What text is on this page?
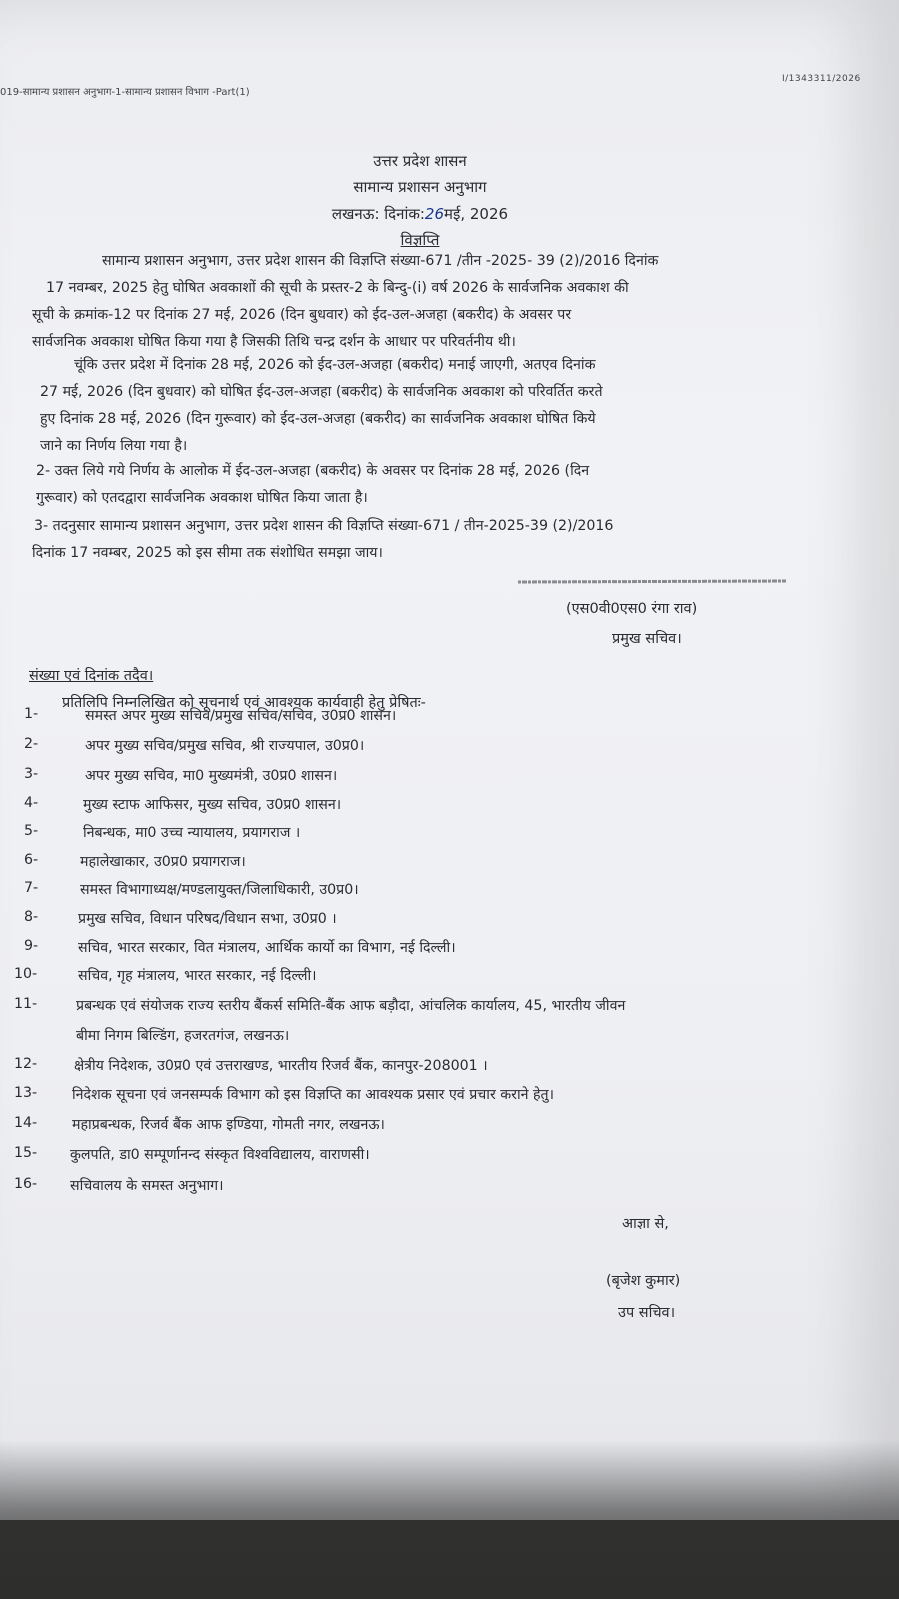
019-सामान्य प्रशासन अनुभाग-1-सामान्य प्रशासन विभाग -Part(1)
I/1343311/2026
उत्तर प्रदेश शासन
सामान्य प्रशासन अनुभाग
लखनऊ: दिनांक:26मई, 2026
विज्ञप्ति
सामान्य प्रशासन अनुभाग, उत्तर प्रदेश शासन की विज्ञप्ति संख्या-671 /तीन -2025- 39 (2)/2016 दिनांक
17 नवम्बर, 2025 हेतु घोषित अवकाशों की सूची के प्रस्तर-2 के बिन्दु-(i) वर्ष 2026 के सार्वजनिक अवकाश की
सूची के क्रमांक-12 पर दिनांक 27 मई, 2026 (दिन बुधवार) को ईद-उल-अजहा (बकरीद) के अवसर पर
सार्वजनिक अवकाश घोषित किया गया है जिसकी तिथि चन्द्र दर्शन के आधार पर परिवर्तनीय थी।
चूंकि उत्तर प्रदेश में दिनांक 28 मई, 2026 को ईद-उल-अजहा (बकरीद) मनाई जाएगी, अतएव दिनांक
27 मई, 2026 (दिन बुधवार) को घोषित ईद-उल-अजहा (बकरीद) के सार्वजनिक अवकाश को परिवर्तित करते
हुए दिनांक 28 मई, 2026 (दिन गुरूवार) को ईद-उल-अजहा (बकरीद) का सार्वजनिक अवकाश घोषित किये
जाने का निर्णय लिया गया है।
2- उक्त लिये गये निर्णय के आलोक में ईद-उल-अजहा (बकरीद) के अवसर पर दिनांक 28 मई, 2026 (दिन
गुरूवार) को एतदद्वारा सार्वजनिक अवकाश घोषित किया जाता है।
3- तदनुसार सामान्य प्रशासन अनुभाग, उत्तर प्रदेश शासन की विज्ञप्ति संख्या-671 / तीन-2025-39 (2)/2016
दिनांक 17 नवम्बर, 2025 को इस सीमा तक संशोधित समझा जाय।
(एस0वी0एस0 रंगा राव)
प्रमुख सचिव।
संख्या एवं दिनांक तदैव।
प्रतिलिपि निम्नलिखित को सूचनार्थ एवं आवश्यक कार्यवाही हेतु प्रेषितः-
1-	समस्त अपर मुख्य सचिव/प्रमुख सचिव/सचिव, उ0प्र0 शासन।
2-	अपर मुख्य सचिव/प्रमुख सचिव, श्री राज्यपाल, उ0प्र0।
3-	अपर मुख्य सचिव, मा0 मुख्यमंत्री, उ0प्र0 शासन।
4-	मुख्य स्टाफ आफिसर, मुख्य सचिव, उ0प्र0 शासन।
5-	निबन्धक, मा0 उच्च न्यायालय, प्रयागराज ।
6-	महालेखाकार, उ0प्र0 प्रयागराज।
7-	समस्त विभागाध्यक्ष/मण्डलायुक्त/जिलाधिकारी, उ0प्र0।
8-	प्रमुख सचिव, विधान परिषद/विधान सभा, उ0प्र0 ।
9-	सचिव, भारत सरकार, वित मंत्रालय, आर्थिक कार्यो का विभाग, नई दिल्ली।
10-	सचिव, गृह मंत्रालय, भारत सरकार, नई दिल्ली।
11-	प्रबन्धक एवं संयोजक राज्य स्तरीय बैंकर्स समिति-बैंक आफ बड़ौदा, आंचलिक कार्यालय, 45, भारतीय जीवन
बीमा निगम बिल्डिंग, हजरतगंज, लखनऊ।
12-	क्षेत्रीय निदेशक, उ0प्र0 एवं उत्तराखण्ड, भारतीय रिजर्व बैंक, कानपुर-208001 ।
13-	निदेशक सूचना एवं जनसम्पर्क विभाग को इस विज्ञप्ति का आवश्यक प्रसार एवं प्रचार कराने हेतु।
14-	महाप्रबन्धक, रिजर्व बैंक आफ इण्डिया, गोमती नगर, लखनऊ।
15-	कुलपति, डा0 सम्पूर्णानन्द संस्कृत विश्वविद्यालय, वाराणसी।
16-	सचिवालय के समस्त अनुभाग।
आज्ञा से,
(बृजेश कुमार)
उप सचिव।
